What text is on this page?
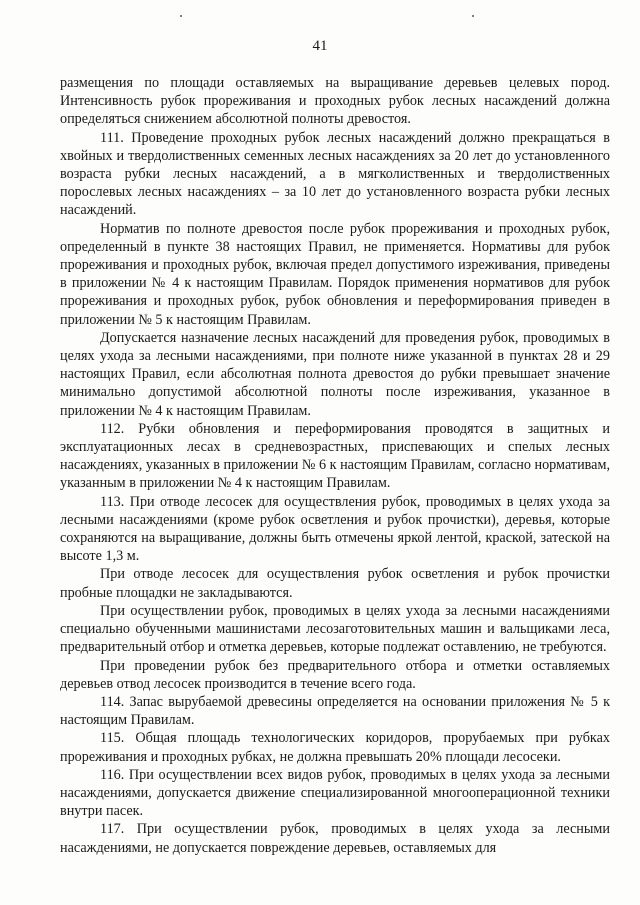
41

размещения по площади оставляемых на выращивание деревьев целевых пород. Интенсивность рубок прореживания и проходных рубок лесных насаждений должна определяться снижением абсолютной полноты древостоя.

111. Проведение проходных рубок лесных насаждений должно прекращаться в хвойных и твердолиственных семенных лесных насаждениях за 20 лет до установленного возраста рубки лесных насаждений, а в мягколиственных и твердолиственных порослевых лесных насаждениях – за 10 лет до установленного возраста рубки лесных насаждений.

Норматив по полноте древостоя после рубок прореживания и проходных рубок, определенный в пункте 38 настоящих Правил, не применяется. Нормативы для рубок прореживания и проходных рубок, включая предел допустимого изреживания, приведены в приложении № 4 к настоящим Правилам. Порядок применения нормативов для рубок прореживания и проходных рубок, рубок обновления и переформирования приведен в приложении № 5 к настоящим Правилам.

Допускается назначение лесных насаждений для проведения рубок, проводимых в целях ухода за лесными насаждениями, при полноте ниже указанной в пунктах 28 и 29 настоящих Правил, если абсолютная полнота древостоя до рубки превышает значение минимально допустимой абсолютной полноты после изреживания, указанное в приложении № 4 к настоящим Правилам.

112. Рубки обновления и переформирования проводятся в защитных и эксплуатационных лесах в средневозрастных, приспевающих и спелых лесных насаждениях, указанных в приложении № 6 к настоящим Правилам, согласно нормативам, указанным в приложении № 4 к настоящим Правилам.

113. При отводе лесосек для осуществления рубок, проводимых в целях ухода за лесными насаждениями (кроме рубок осветления и рубок прочистки), деревья, которые сохраняются на выращивание, должны быть отмечены яркой лентой, краской, затеской на высоте 1,3 м.

При отводе лесосек для осуществления рубок осветления и рубок прочистки пробные площадки не закладываются.

При осуществлении рубок, проводимых в целях ухода за лесными насаждениями специально обученными машинистами лесозаготовительных машин и вальщиками леса, предварительный отбор и отметка деревьев, которые подлежат оставлению, не требуются.

При проведении рубок без предварительного отбора и отметки оставляемых деревьев отвод лесосек производится в течение всего года.

114. Запас вырубаемой древесины определяется на основании приложения № 5 к настоящим Правилам.

115. Общая площадь технологических коридоров, прорубаемых при рубках прореживания и проходных рубках, не должна превышать 20% площади лесосеки.

116. При осуществлении всех видов рубок, проводимых в целях ухода за лесными насаждениями, допускается движение специализированной многооперационной техники внутри пасек.

117. При осуществлении рубок, проводимых в целях ухода за лесными насаждениями, не допускается повреждение деревьев, оставляемых для
